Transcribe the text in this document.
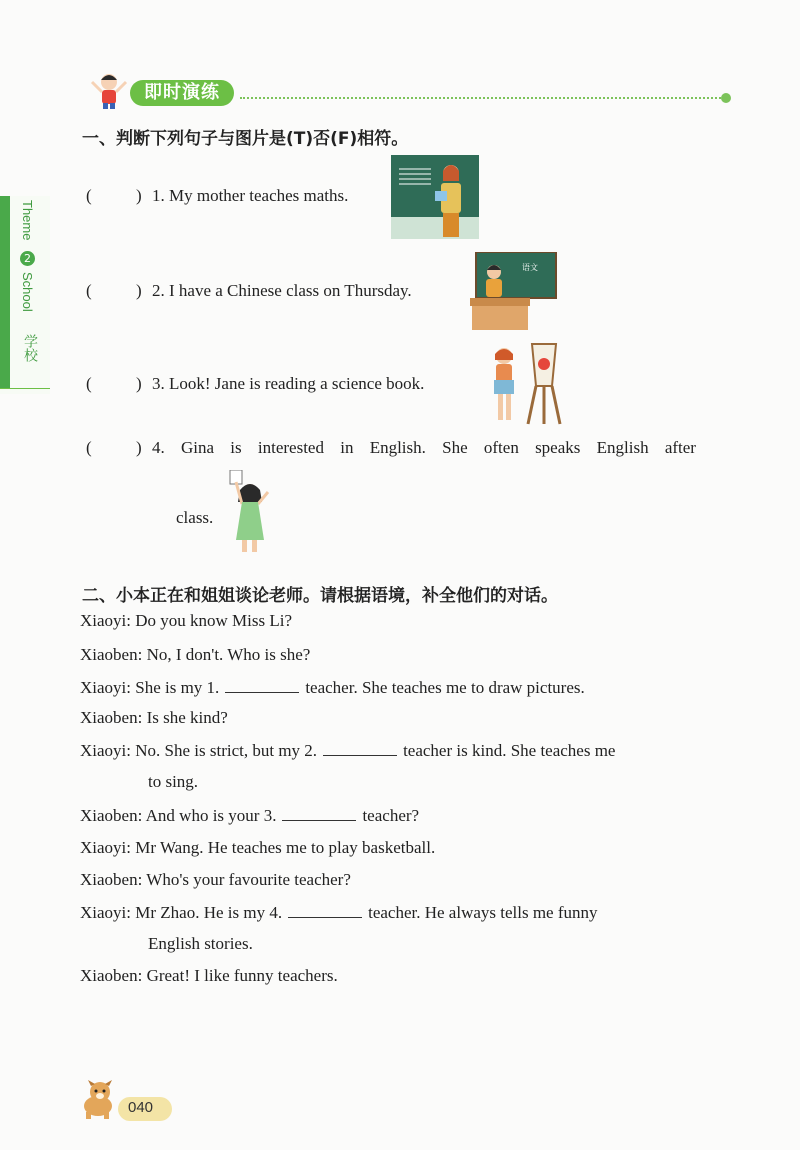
即时演练
Theme
2
School
学校
一、判断下列句子与图片是(T)否(F)相符。
(	) 1. My mother teaches maths.
(	) 2. I have a Chinese class on Thursday.
语文
(	) 3. Look! Jane is reading a science book.
(	) 4. Gina is interested in English. She often speaks English after
class.
二、小本正在和姐姐谈论老师。请根据语境，补全他们的对话。
Xiaoyi: Do you know Miss Li?
Xiaoben: No, I don't. Who is she?
Xiaoyi: She is my 1.	teacher. She teaches me to draw pictures.
Xiaoben: Is she kind?
Xiaoyi: No. She is strict, but my 2.	teacher is kind. She teaches me
to sing.
Xiaoben: And who is your 3.	teacher?
Xiaoyi: Mr Wang. He teaches me to play basketball.
Xiaoben: Who's your favourite teacher?
Xiaoyi: Mr Zhao. He is my 4.	teacher. He always tells me funny
English stories.
Xiaoben: Great! I like funny teachers.
040
